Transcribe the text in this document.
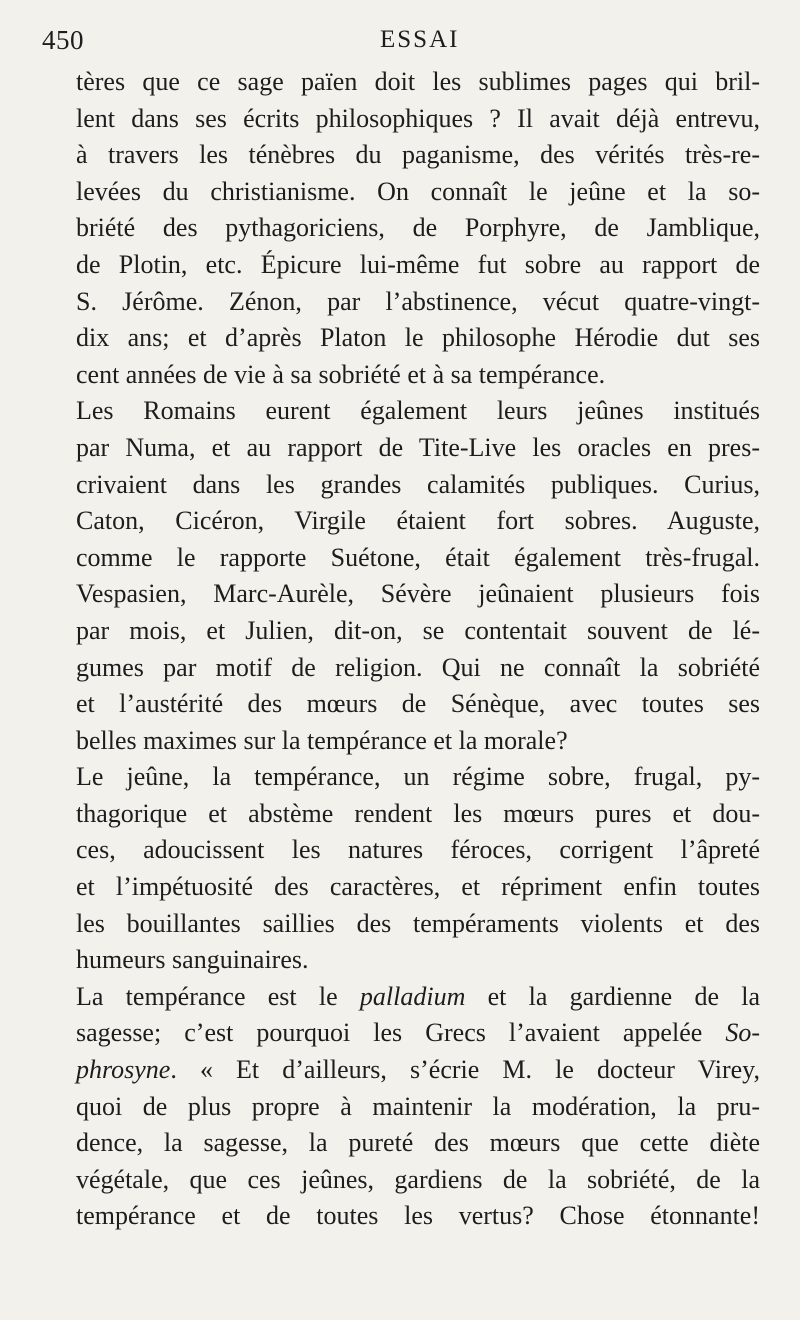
450	ESSAI
tères que ce sage païen doit les sublimes pages qui bril-
lent dans ses écrits philosophiques ? Il avait déjà entrevu,
à travers les ténèbres du paganisme, des vérités très-re-
levées du christianisme. On connaît le jeûne et la so-
briété des pythagoriciens, de Porphyre, de Jamblique,
de Plotin, etc. Épicure lui-même fut sobre au rapport de
S. Jérôme. Zénon, par l’abstinence, vécut quatre-vingt-
dix ans; et d’après Platon le philosophe Hérodie dut ses
cent années de vie à sa sobriété et à sa tempérance.
Les Romains eurent également leurs jeûnes institués
par Numa, et au rapport de Tite-Live les oracles en pres-
crivaient dans les grandes calamités publiques. Curius,
Caton, Cicéron, Virgile étaient fort sobres. Auguste,
comme le rapporte Suétone, était également très-frugal.
Vespasien, Marc-Aurèle, Sévère jeûnaient plusieurs fois
par mois, et Julien, dit-on, se contentait souvent de lé-
gumes par motif de religion. Qui ne connaît la sobriété
et l’austérité des mœurs de Sénèque, avec toutes ses
belles maximes sur la tempérance et la morale?
Le jeûne, la tempérance, un régime sobre, frugal, py-
thagorique et abstème rendent les mœurs pures et dou-
ces, adoucissent les natures féroces, corrigent l’âpreté
et l’impétuosité des caractères, et répriment enfin toutes
les bouillantes saillies des tempéraments violents et des
humeurs sanguinaires.
La tempérance est le palladium et la gardienne de la
sagesse; c’est pourquoi les Grecs l’avaient appelée So-
phrosyne. « Et d’ailleurs, s’écrie M. le docteur Virey,
quoi de plus propre à maintenir la modération, la pru-
dence, la sagesse, la pureté des mœurs que cette diète
végétale, que ces jeûnes, gardiens de la sobriété, de la
tempérance et de toutes les vertus? Chose étonnante!
